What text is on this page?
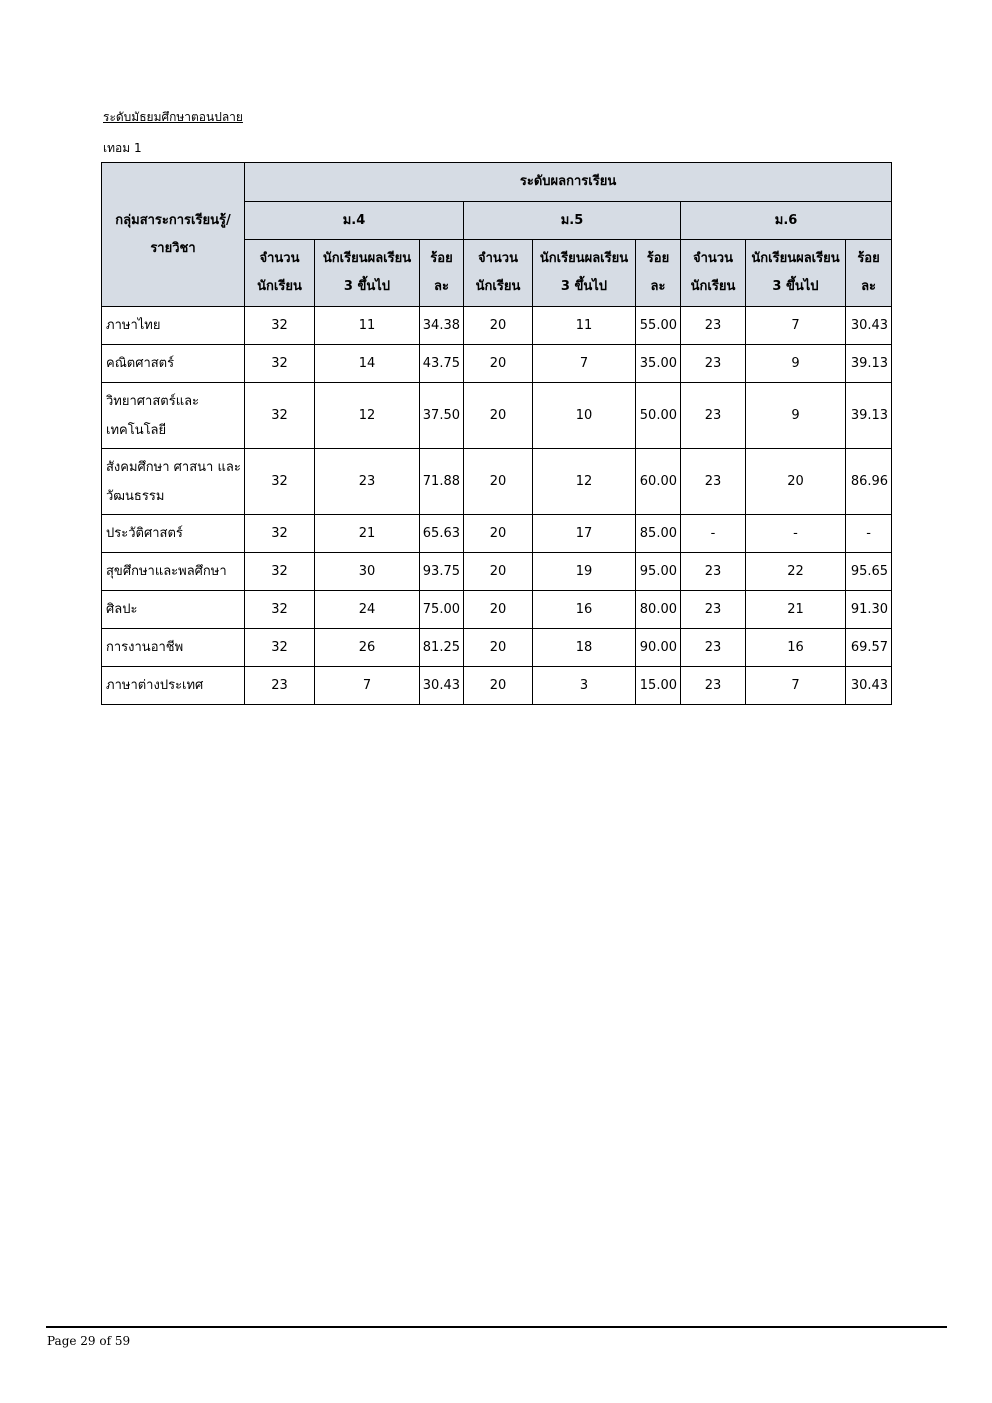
ระดับมัธยมศึกษาตอนปลาย
เทอม 1
กลุ่มสาระการเรียนรู้/ รายวิชา	ระดับผลการเรียน								
	ม.4			ม.5			ม.6		
	จำนวน นักเรียน	นักเรียนผลเรียน 3 ขึ้นไป	ร้อย ละ	จำนวน นักเรียน	นักเรียนผลเรียน 3 ขึ้นไป	ร้อย ละ	จำนวน นักเรียน	นักเรียนผลเรียน 3 ขึ้นไป	ร้อย ละ
ภาษาไทย	32	11	34.38	20	11	55.00	23	7	30.43
คณิตศาสตร์	32	14	43.75	20	7	35.00	23	9	39.13
วิทยาศาสตร์และ เทคโนโลยี	32	12	37.50	20	10	50.00	23	9	39.13
สังคมศึกษา ศาสนา และวัฒนธรรม	32	23	71.88	20	12	60.00	23	20	86.96
ประวัติศาสตร์	32	21	65.63	20	17	85.00	-	-	-
สุขศึกษาและพลศึกษา	32	30	93.75	20	19	95.00	23	22	95.65
ศิลปะ	32	24	75.00	20	16	80.00	23	21	91.30
การงานอาชีพ	32	26	81.25	20	18	90.00	23	16	69.57
ภาษาต่างประเทศ	23	7	30.43	20	3	15.00	23	7	30.43
Page 29 of 59
